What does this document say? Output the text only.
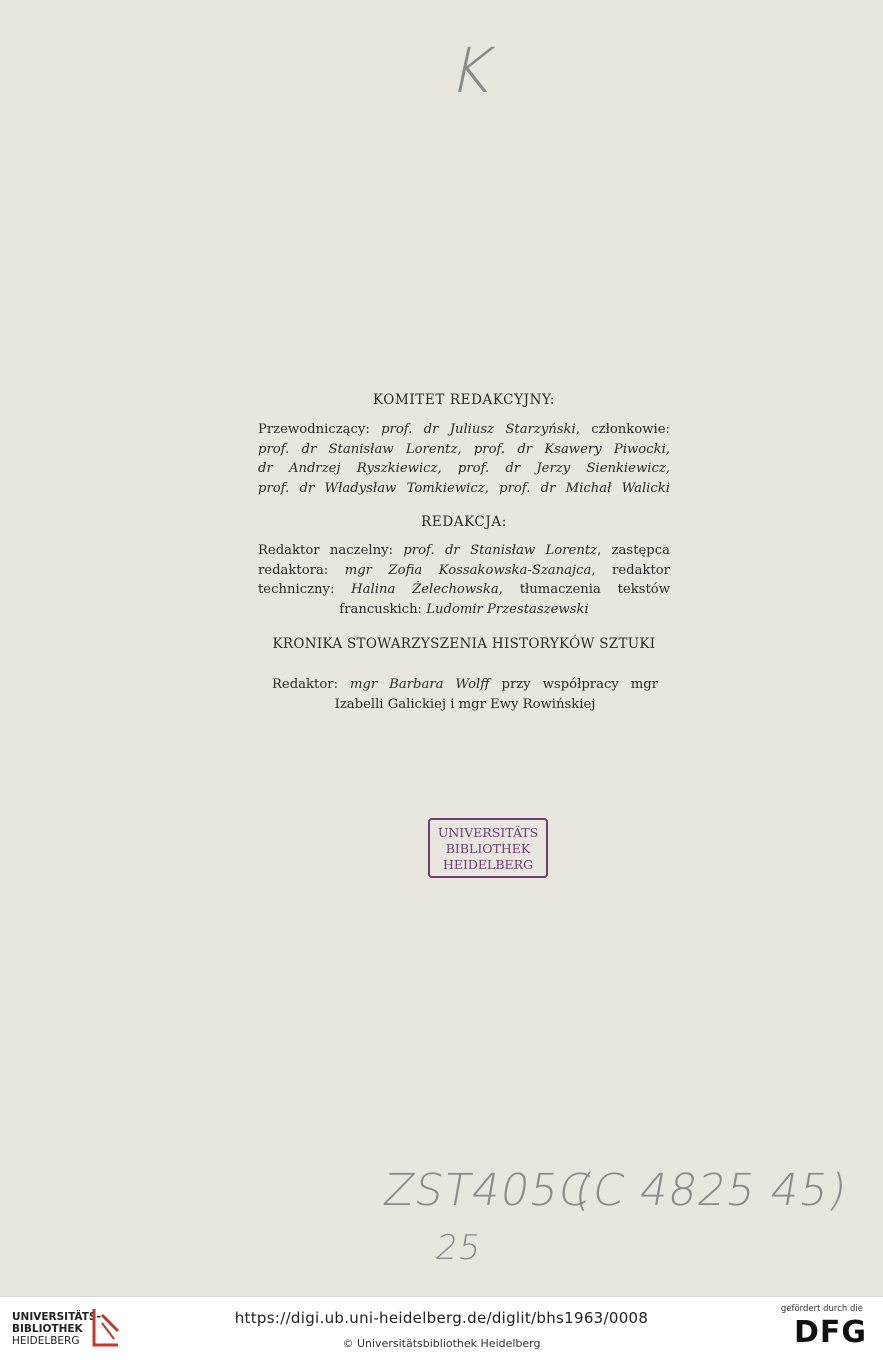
K
KOMITET REDAKCYJNY:
Przewodniczący: prof. dr Juliusz Starzyński, członkowie:
prof. dr Stanisław Lorentz, prof. dr Ksawery Piwocki,
dr Andrzej Ryszkiewicz, prof. dr Jerzy Sienkiewicz,
prof. dr Władysław Tomkiewicz, prof. dr Michał Walicki
REDAKCJA:
Redaktor naczelny: prof. dr Stanisław Lorentz, zastępca
redaktora: mgr Zofia Kossakowska-Szanajca, redaktor
techniczny: Halina Żelechowska, tłumaczenia tekstów
francuskich: Ludomir Przestaszewski
KRONIKA STOWARZYSZENIA HISTORYKÓW SZTUKI
Redaktor: mgr Barbara Wolff przy współpracy mgr
Izabelli Galickiej i mgr Ewy Rowińskiej
UNIVERSITÄTS
BIBLIOTHEK
HEIDELBERG
ZST405C
(C 4825 45)
25
UNIVERSITÄTS-
BIBLIOTHEK
HEIDELBERG
https://digi.ub.uni-heidelberg.de/diglit/bhs1963/0008
© Universitätsbibliothek Heidelberg
gefördert durch die
DFG
